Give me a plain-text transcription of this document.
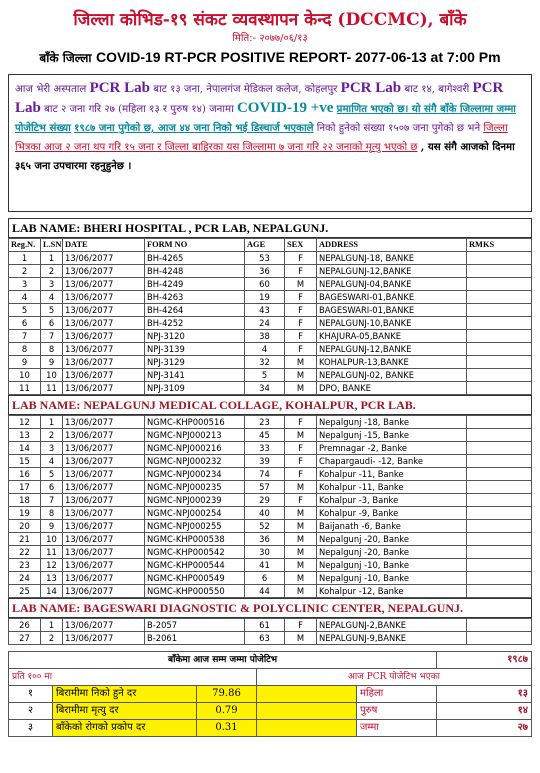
जिल्ला कोभिड-१९ संकट व्यवस्थापन केन्द (DCCMC), बाँके
मिति:- २०७७/०६/१३
बाँके जिल्ला COVID-19 RT-PCR POSITIVE REPORT- 2077-06-13 at 7:00 Pm
आज भेरी अस्पताल PCR Lab बाट १३ जना, नेपालगंज मेडिकल कलेज, कोहलपुर PCR Lab बाट १४, बागेश्वरी PCR Lab बाट २ जना गरि २७ (महिला १३ र पुरुष १४) जनामा COVID-19 +ve प्रमाणित भएको छ। यो संगै बाँके जिल्लामा जम्मा पोजेटिभ संख्या १९८७ जना पुगेको छ, आज ४४ जना निको भई डिस्चार्ज भएकाले निको हुनेको संख्या १५०७ जना पुगेको छ भने जिल्ला भित्रका आज २ जना थप गरि १५ जना र जिल्ला बाहिरका यस जिल्लामा ७ जना गरि २२ जनाको मृत्यु भएको छ , यस संगै आजको दिनमा ३६५ जना उपचारमा रहनुहुनेछ ।
LAB NAME: BHERI HOSPITAL , PCR LAB, NEPALGUNJ.
Reg.N.	L.SN	DATE	FORM NO	AGE	SEX	ADDRESS	RMKS
1	1	13/06/2077	BH-4265	53	F	NEPALGUNJ-18, BANKE	
2	2	13/06/2077	BH-4248	36	F	NEPALGUNJ-12,BANKE	
3	3	13/06/2077	BH-4249	60	M	NEPALGUNJ-04,BANKE	
4	4	13/06/2077	BH-4263	19	F	BAGESWARI-01,BANKE	
5	5	13/06/2077	BH-4264	43	F	BAGESWARI-01,BANKE	
6	6	13/06/2077	BH-4252	24	F	NEPALGUNJ-10,BANKE	
7	7	13/06/2077	NPJ-3120	38	F	KHAJURA-05,BANKE	
8	8	13/06/2077	NPJ-3139	4	F	NEPALGUNJ-12,BANKE	
9	9	13/06/2077	NPJ-3129	32	M	KOHALPUR-13,BANKE	
10	10	13/06/2077	NPJ-3141	5	M	NEPALGUNJ-02, BANKE	
11	11	13/06/2077	NPJ-3109	34	M	DPO, BANKE	
LAB NAME: NEPALGUNJ MEDICAL COLLAGE, KOHALPUR, PCR LAB.
12	1	13/06/2077	NGMC-KHP000516	23	F	Nepalgunj -18, Banke	
13	2	13/06/2077	NGMC-NPJ000213	45	M	Nepalgunj -15, Banke	
14	3	13/06/2077	NGMC-NPJ000216	33	F	Premnagar -2, Banke	
15	4	13/06/2077	NGMC-NPJ000232	39	F	Chapargaudi- -12, Banke	
16	5	13/06/2077	NGMC-NPJ000234	74	F	Kohalpur -11, Banke	
17	6	13/06/2077	NGMC-NPJ000235	57	M	Kohalpur -11, Banke	
18	7	13/06/2077	NGMC-NPJ000239	29	F	Kohalpur -3, Banke	
19	8	13/06/2077	NGMC-NPJ000254	40	M	Kohalpur -9, Banke	
20	9	13/06/2077	NGMC-NPJ000255	52	M	Baijanath -6, Banke	
21	10	13/06/2077	NGMC-KHP000538	36	M	Nepalgunj -20, Banke	
22	11	13/06/2077	NGMC-KHP000542	30	M	Nepalgunj -20, Banke	
23	12	13/06/2077	NGMC-KHP000544	41	M	Nepalgunj -10, Banke	
24	13	13/06/2077	NGMC-KHP000549	6	M	Nepalgunj -10, Banke	
25	14	13/06/2077	NGMC-KHP000550	44	M	Kohalpur -12, Banke	
LAB NAME: BAGESWARI DIAGNOSTIC & POLYCLINIC CENTER, NEPALGUNJ.
26	1	13/06/2077	B-2057	61	F	NEPALGUNJ-2,BANKE	
27	2	13/06/2077	B-2061	63	M	NEPALGUNJ-9,BANKE	
बाँकेमा आज सम्म जम्मा पोजेटिभ					१९८७
प्रति १०० मा			आज PCR पोजेटिभ भएका		
१	बिरामीमा निको हुने दर	79.86		महिला	१३
२	बिरामीमा मृत्यु दर	0.79		पुरुष	१४
३	बाँकेको रोगको प्रकोप दर	0.31		जम्मा	२७
